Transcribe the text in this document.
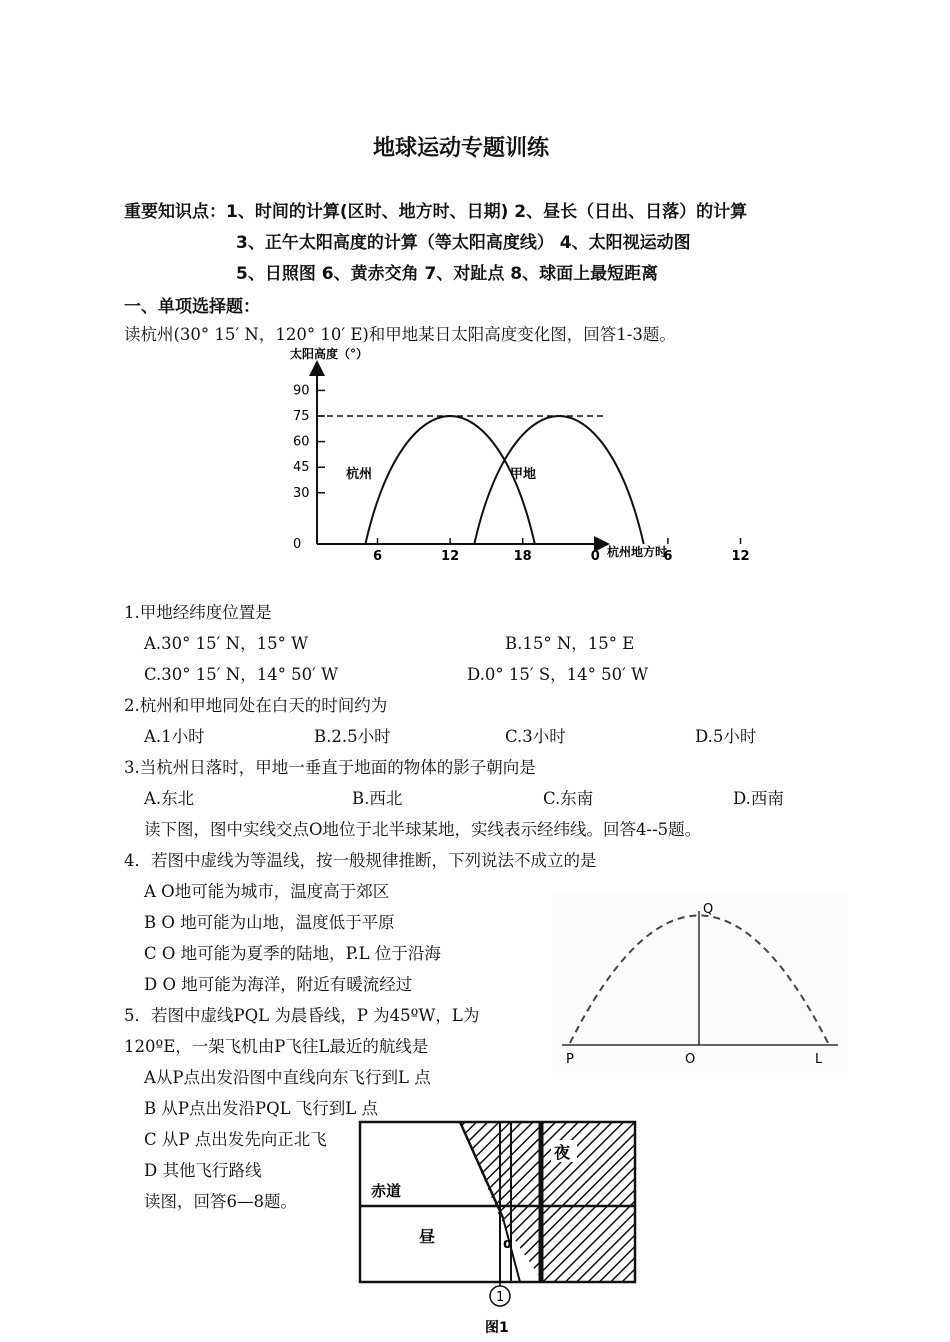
地球运动专题训练
重要知识点：1、时间的计算(区时、地方时、日期) 2、昼长（日出、日落）的计算
3、正午太阳高度的计算（等太阳高度线） 4、太阳视运动图
5、日照图 6、黄赤交角 7、对趾点 8、球面上最短距离
一、单项选择题：
读杭州(30° 15′ N，120° 10′ E)和甲地某日太阳高度变化图，回答1-3题。
太阳高度（°）
杭州地方时
90
75
60
45
30
0
6	12	18	0	6	12
杭州	甲地
1.甲地经纬度位置是
A.30° 15′ N，15° W	B.15° N，15° E
C.30° 15′ N，14° 50′ W	D.0° 15′ S，14° 50′ W
2.杭州和甲地同处在白天的时间约为
A.1小时	B.2.5小时	C.3小时	D.5小时
3.当杭州日落时，甲地一垂直于地面的物体的影子朝向是
A.东北	B.西北	C.东南	D.西南
读下图，图中实线交点O地位于北半球某地，实线表示经纬线。回答4--5题。
4．若图中虚线为等温线，按一般规律推断，下列说法不成立的是
A O地可能为城市，温度高于郊区
B O 地可能为山地，温度低于平原
C O 地可能为夏季的陆地，P.L 位于沿海
D O 地可能为海洋，附近有暖流经过
5．若图中虚线PQL 为晨昏线，P 为45ºW，L为
120ºE，一架飞机由P飞往L最近的航线是
A从P点出发沿图中直线向东飞行到L 点
B 从P点出发沿PQL 飞行到L 点
C 从P 点出发先向正北飞
D 其他飞行路线
读图，回答6—8题。
Q
P	O	L
夜
赤道
昼	α
1
图1
